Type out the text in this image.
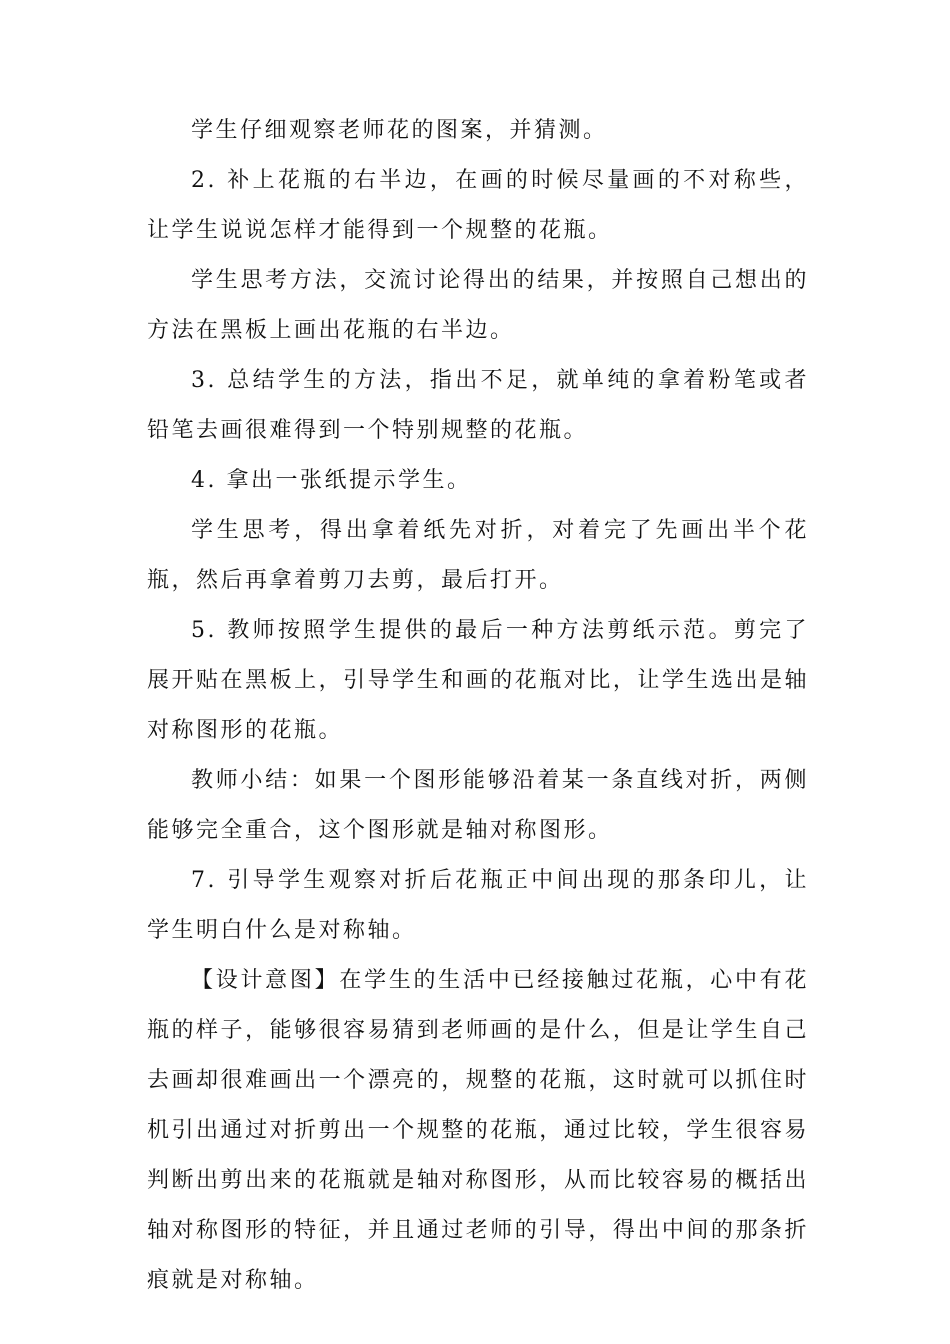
学生仔细观察老师花的图案，并猜测。

2. 补上花瓶的右半边，在画的时候尽量画的不对称些，让学生说说怎样才能得到一个规整的花瓶。

学生思考方法，交流讨论得出的结果，并按照自己想出的方法在黑板上画出花瓶的右半边。

3. 总结学生的方法，指出不足，就单纯的拿着粉笔或者铅笔去画很难得到一个特别规整的花瓶。

4. 拿出一张纸提示学生。

学生思考，得出拿着纸先对折，对着完了先画出半个花瓶，然后再拿着剪刀去剪，最后打开。

5. 教师按照学生提供的最后一种方法剪纸示范。剪完了展开贴在黑板上，引导学生和画的花瓶对比，让学生选出是轴对称图形的花瓶。

教师小结：如果一个图形能够沿着某一条直线对折，两侧能够完全重合，这个图形就是轴对称图形。

7. 引导学生观察对折后花瓶正中间出现的那条印儿，让学生明白什么是对称轴。

【设计意图】在学生的生活中已经接触过花瓶，心中有花瓶的样子，能够很容易猜到老师画的是什么，但是让学生自己去画却很难画出一个漂亮的，规整的花瓶，这时就可以抓住时机引出通过对折剪出一个规整的花瓶，通过比较，学生很容易判断出剪出来的花瓶就是轴对称图形，从而比较容易的概括出轴对称图形的特征，并且通过老师的引导，得出中间的那条折痕就是对称轴。
